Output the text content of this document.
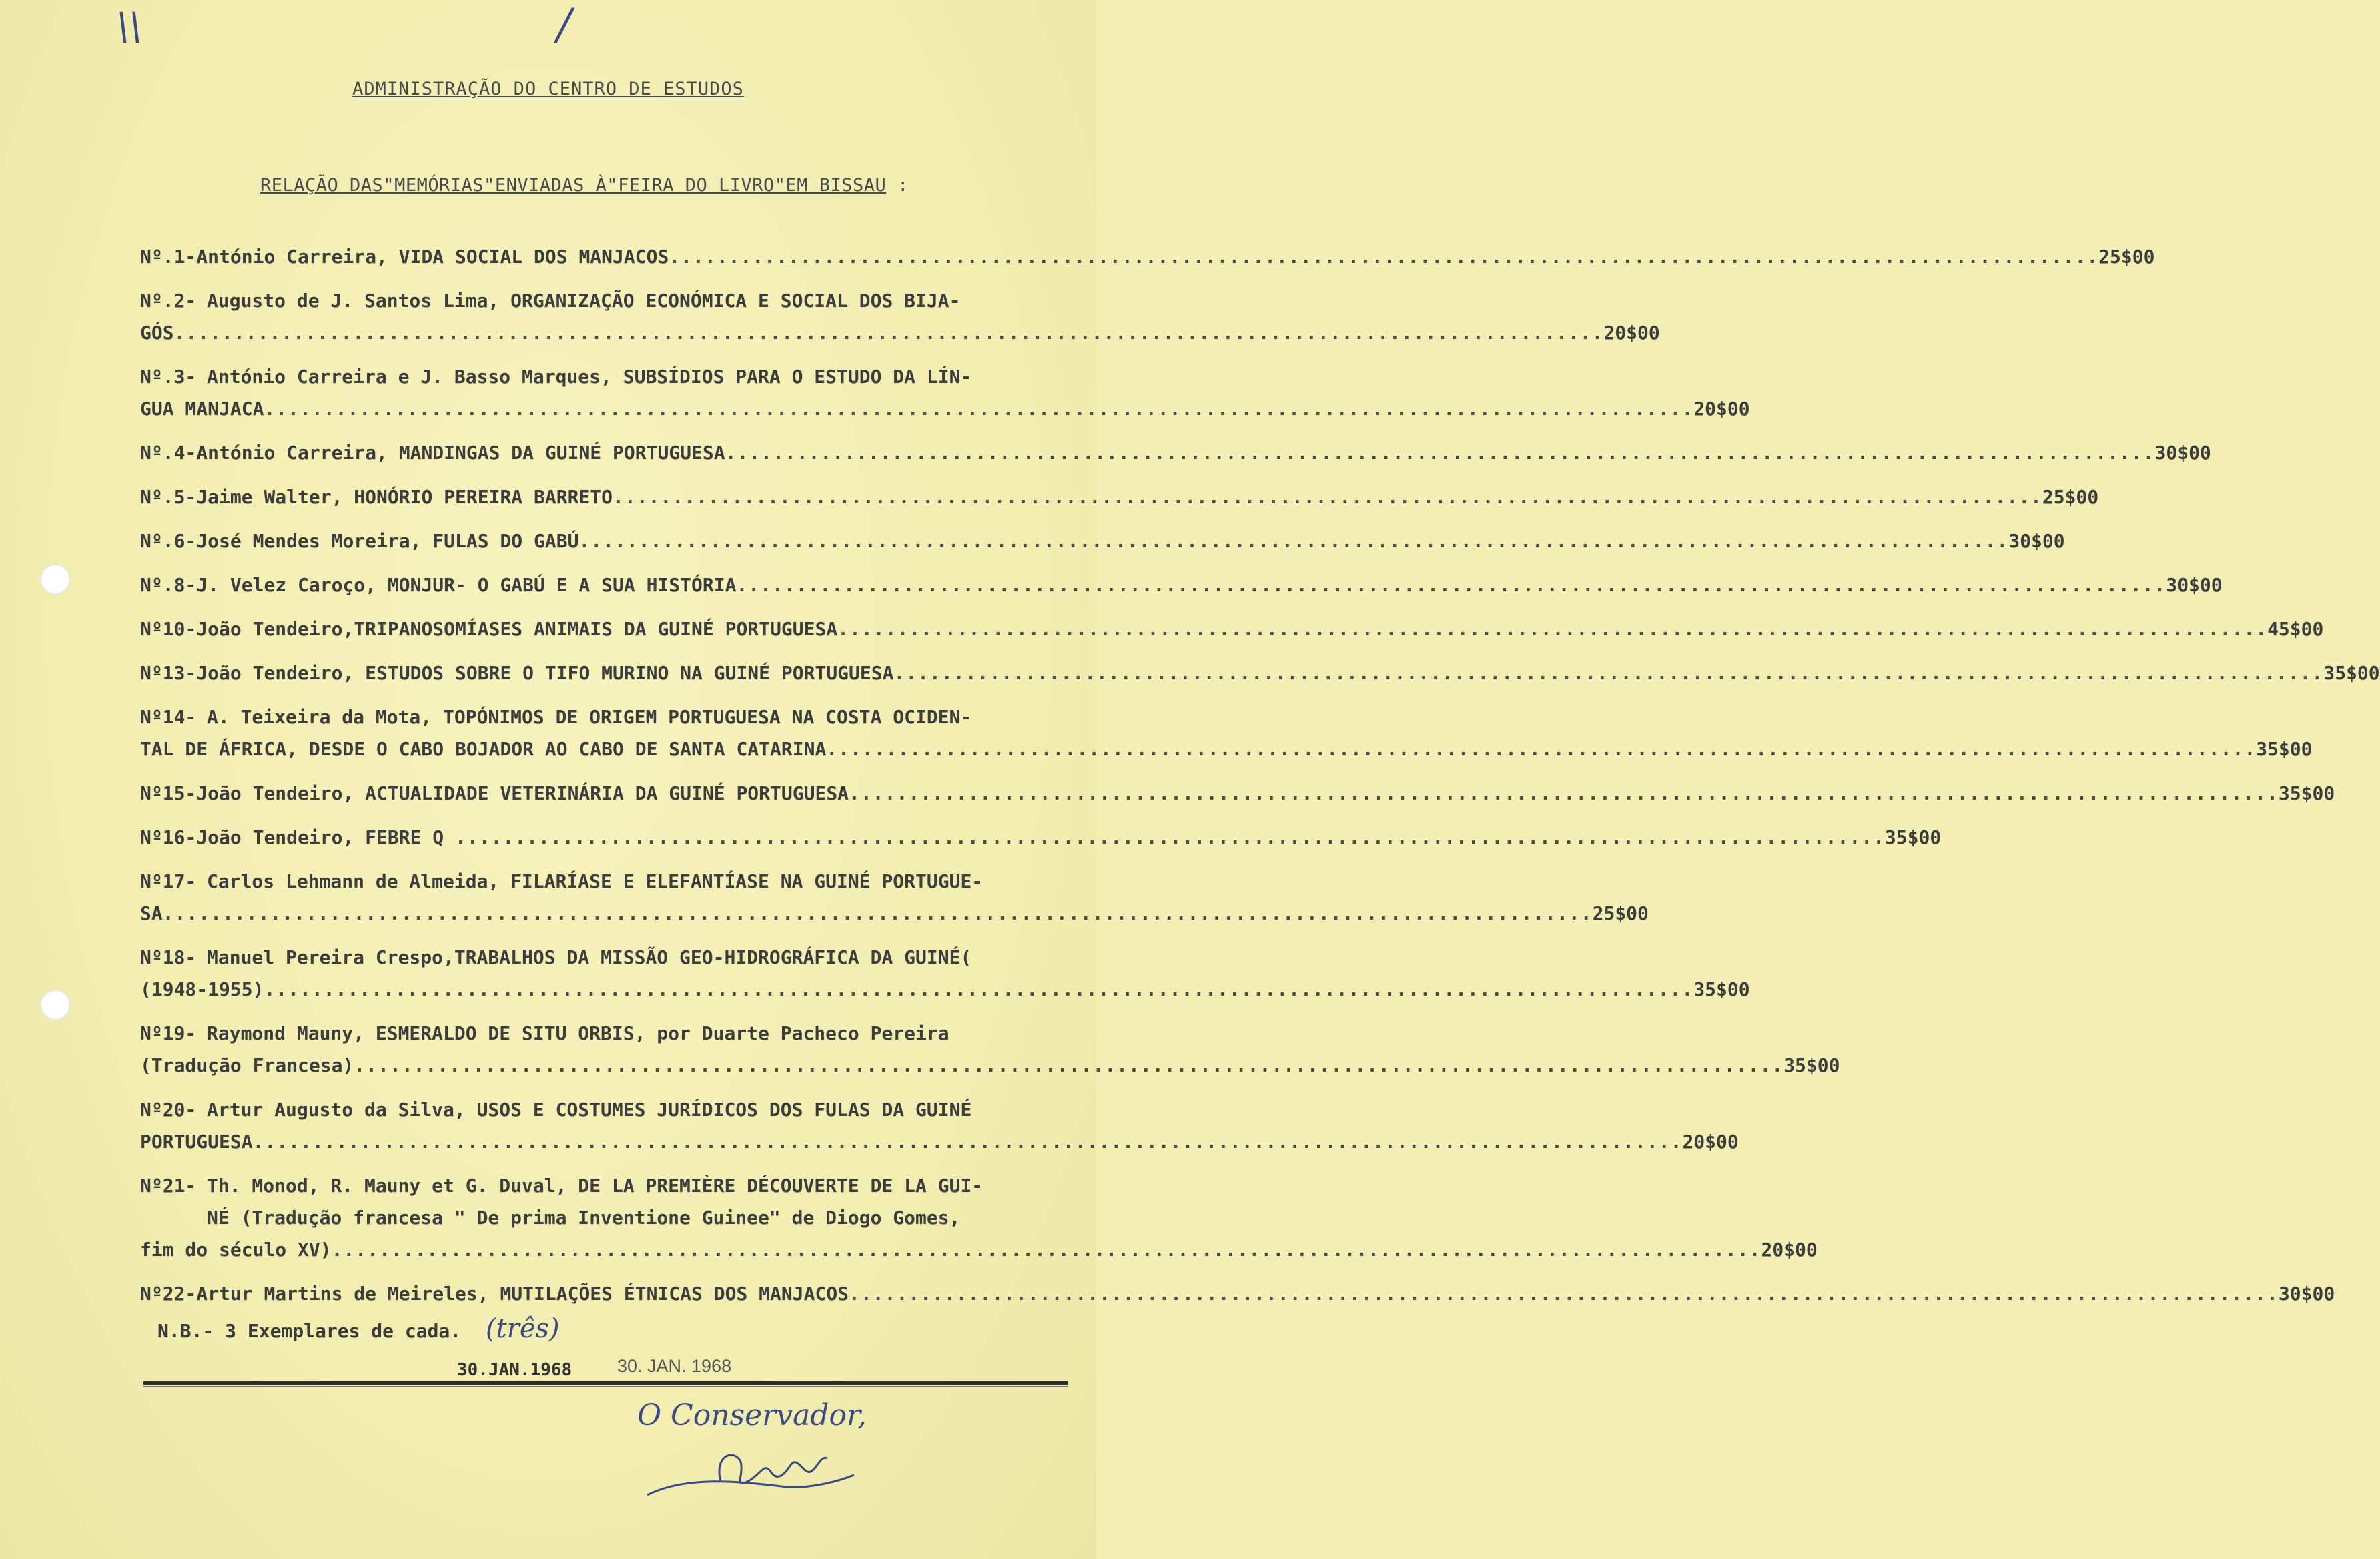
\\	/
ADMINISTRAÇÃO DO CENTRO DE ESTUDOS
RELAÇÃO DAS"MEMÓRIAS"ENVIADAS À"FEIRA DO LIVRO"EM BISSAU :
Nº.1- António Carreira, VIDA SOCIAL DOS MANJACOS........................................................................................................................ 25$00
Nº.2- Augusto de J. Santos Lima, ORGANIZAÇÃO ECONÓMICA E SOCIAL DOS BIJA-
GÓS........................................................................................................................ 20$00
Nº.3- António Carreira e J. Basso Marques, SUBSÍDIOS PARA O ESTUDO DA LÍN-
GUA MANJACA........................................................................................................................ 20$00
Nº.4- António Carreira, MANDINGAS DA GUINÉ PORTUGUESA........................................................................................................................ 30$00
Nº.5- Jaime Walter, HONÓRIO PEREIRA BARRETO........................................................................................................................ 25$00
Nº.6- José Mendes Moreira, FULAS DO GABÚ........................................................................................................................ 30$00
Nº.8- J. Velez Caroço, MONJUR- O GABÚ E A SUA HISTÓRIA........................................................................................................................ 30$00
Nº10- João Tendeiro,TRIPANOSOMÍASES ANIMAIS DA GUINÉ PORTUGUESA........................................................................................................................ 45$00
Nº13- João Tendeiro, ESTUDOS SOBRE O TIFO MURINO NA GUINÉ PORTUGUESA........................................................................................................................ 35$00
Nº14- A. Teixeira da Mota, TOPÓNIMOS DE ORIGEM PORTUGUESA NA COSTA OCIDEN-
TAL DE ÁFRICA, DESDE O CABO BOJADOR AO CABO DE SANTA CATARINA........................................................................................................................ 35$00
Nº15- João Tendeiro, ACTUALIDADE VETERINÁRIA DA GUINÉ PORTUGUESA........................................................................................................................ 35$00
Nº16- João Tendeiro, FEBRE Q ........................................................................................................................ 35$00
Nº17- Carlos Lehmann de Almeida, FILARÍASE E ELEFANTÍASE NA GUINÉ PORTUGUE-
SA........................................................................................................................ 25$00
Nº18- Manuel Pereira Crespo,TRABALHOS DA MISSÃO GEO-HIDROGRÁFICA DA GUINÉ(
(1948-1955)........................................................................................................................ 35$00
Nº19- Raymond Mauny, ESMERALDO DE SITU ORBIS, por Duarte Pacheco Pereira
(Tradução Francesa)........................................................................................................................ 35$00
Nº20- Artur Augusto da Silva, USOS E COSTUMES JURÍDICOS DOS FULAS DA GUINÉ
PORTUGUESA........................................................................................................................ 20$00
Nº21- Th. Monod, R. Mauny et G. Duval, DE LA PREMIÈRE DÉCOUVERTE DE LA GUI-
NÉ (Tradução francesa " De prima Inventione Guinee" de Diogo Gomes,
fim do século XV)........................................................................................................................ 20$00
Nº22- Artur Martins de Meireles, MUTILAÇÕES ÉTNICAS DOS MANJACOS........................................................................................................................ 30$00
N.B.- 3 Exemplares de cada. (três)
30.JAN.1968	30. JAN. 1968
O Conservador,
